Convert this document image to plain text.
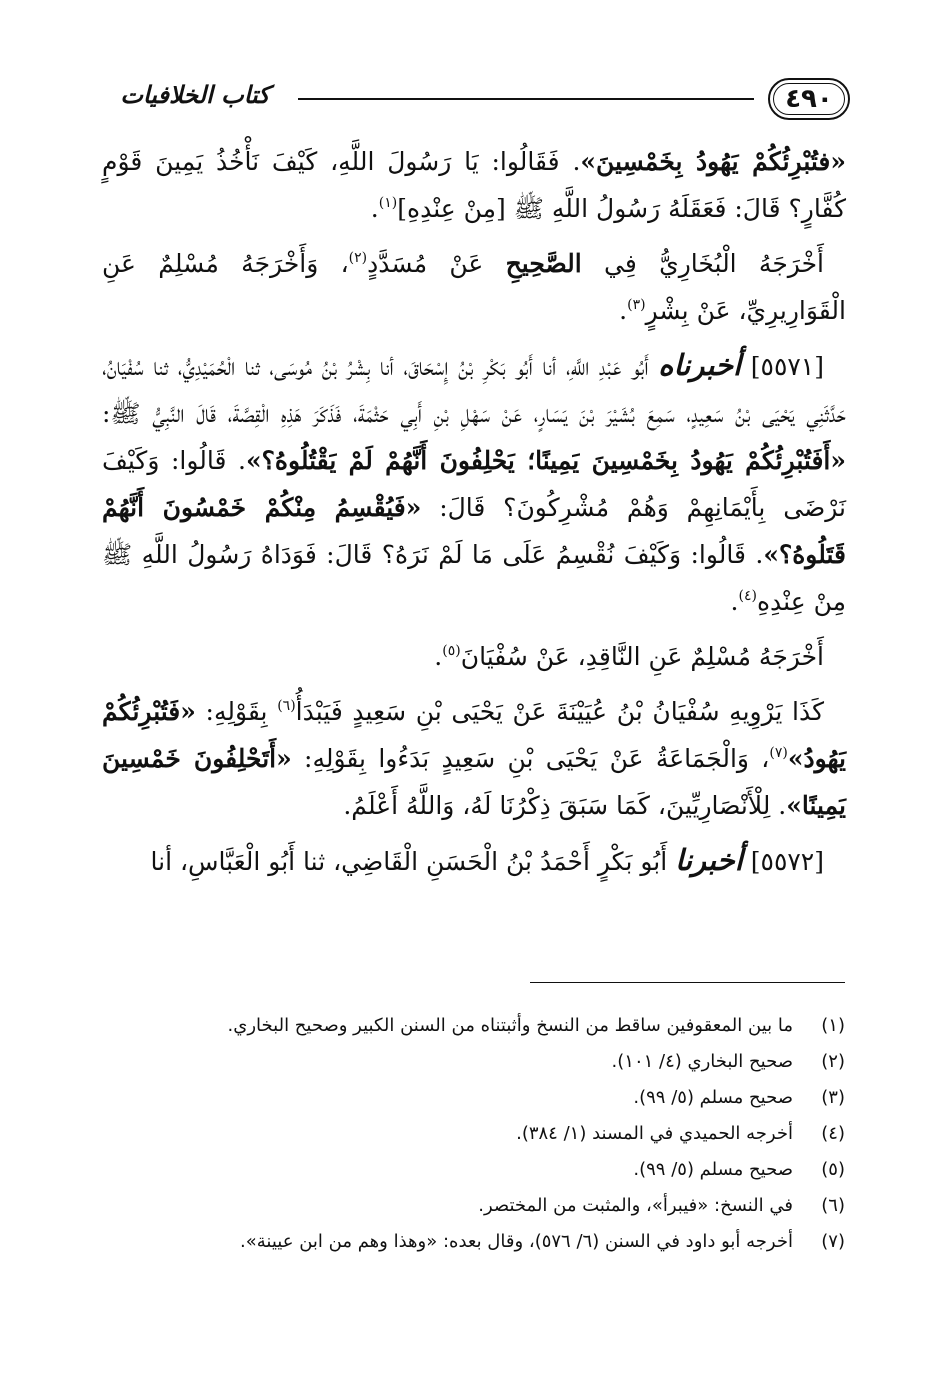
٤٩٠
كتاب الخلافيات

«فتُبْرِئُكُمْ يَهُودُ بِخَمْسِينَ». فَقَالُوا: يَا رَسُولَ اللَّهِ، كَيْفَ نَأْخُذُ يَمِينَ قَوْمٍ كُفَّارٍ؟ قَالَ: فَعَقَلَهُ رَسُولُ اللَّهِ ﷺ [مِنْ عِنْدِهِ]$^{(١)}$.

أَخْرَجَهُ الْبُخَارِيُّ فِي الصَّحِيحِ عَنْ مُسَدَّدٍ$^{(٢)}$، وَأَخْرَجَهُ مُسْلِمٌ عَنِ الْقَوَارِيرِيِّ، عَنْ بِشْرٍ$^{(٣)}$.

[٥٥٧١] أخبرناه أَبُو عَبْدِ اللَّهِ، أنا أَبُو بَكْرِ بْنُ إِسْحَاقَ، أنا بِشْرُ بْنُ مُوسَى، ثنا الْحُمَيْدِيُّ، ثنا سُفْيَانُ، حَدَّثَنِي يَحْيَى بْنُ سَعِيدٍ، سَمِعَ بُشَيْرَ بْنَ يَسَارٍ، عَنْ سَهْلِ بْنِ أَبِي حَثْمَةَ، فَذَكَرَ هَذِهِ الْقِصَّةَ، قَالَ النَّبِيُّ ﷺ: «أَفَتُبْرِئُكُمْ يَهُودُ بِخَمْسِينَ يَمِينًا؛ يَحْلِفُونَ أَنَّهُمْ لَمْ يَقْتُلُوهُ؟». قَالُوا: وَكَيْفَ نَرْضَى بِأَيْمَانِهِمْ وَهُمْ مُشْرِكُونَ؟ قَالَ: «فَيُقْسِمُ مِنْكُمْ خَمْسُونَ أَنَّهُمْ قَتَلُوهُ؟». قَالُوا: وَكَيْفَ نُقْسِمُ عَلَى مَا لَمْ نَرَهُ؟ قَالَ: فَوَدَاهُ رَسُولُ اللَّهِ ﷺ مِنْ عِنْدِهِ$^{(٤)}$.

أَخْرَجَهُ مُسْلِمٌ عَنِ النَّاقِدِ، عَنْ سُفْيَانَ$^{(٥)}$.

كَذَا يَرْوِيهِ سُفْيَانُ بْنُ عُيَيْنَةَ عَنْ يَحْيَى بْنِ سَعِيدٍ فَيَبْدَأُ$^{(٦)}$ بِقَوْلِهِ: «فَتُبْرِئُكُمْ يَهُودُ»$^{(٧)}$، وَالْجَمَاعَةُ عَنْ يَحْيَى بْنِ سَعِيدٍ بَدَءُوا بِقَوْلِهِ: «أَتَحْلِفُونَ خَمْسِينَ يَمِينًا». لِلْأَنْصَارِيِّينَ، كَمَا سَبَقَ ذِكْرُنَا لَهُ، وَاللَّهُ أَعْلَمُ.

[٥٥٧٢] أخبرنا أَبُو بَكْرٍ أَحْمَدُ بْنُ الْحَسَنِ الْقَاضِي، ثنا أَبُو الْعَبَّاسِ، أنا

(١)
ما بين المعقوفين ساقط من النسخ وأثبتناه من السنن الكبير وصحيح البخاري.
(٢)
صحيح البخاري (٤/ ١٠١).
(٣)
صحيح مسلم (٥/ ٩٩).
(٤)
أخرجه الحميدي في المسند (١/ ٣٨٤).
(٥)
صحيح مسلم (٥/ ٩٩).
(٦)
في النسخ: «فيبرأ»، والمثبت من المختصر.
(٧)
أخرجه أبو داود في السنن (٦/ ٥٧٦)، وقال بعده: «وهذا وهم من ابن عيينة».
